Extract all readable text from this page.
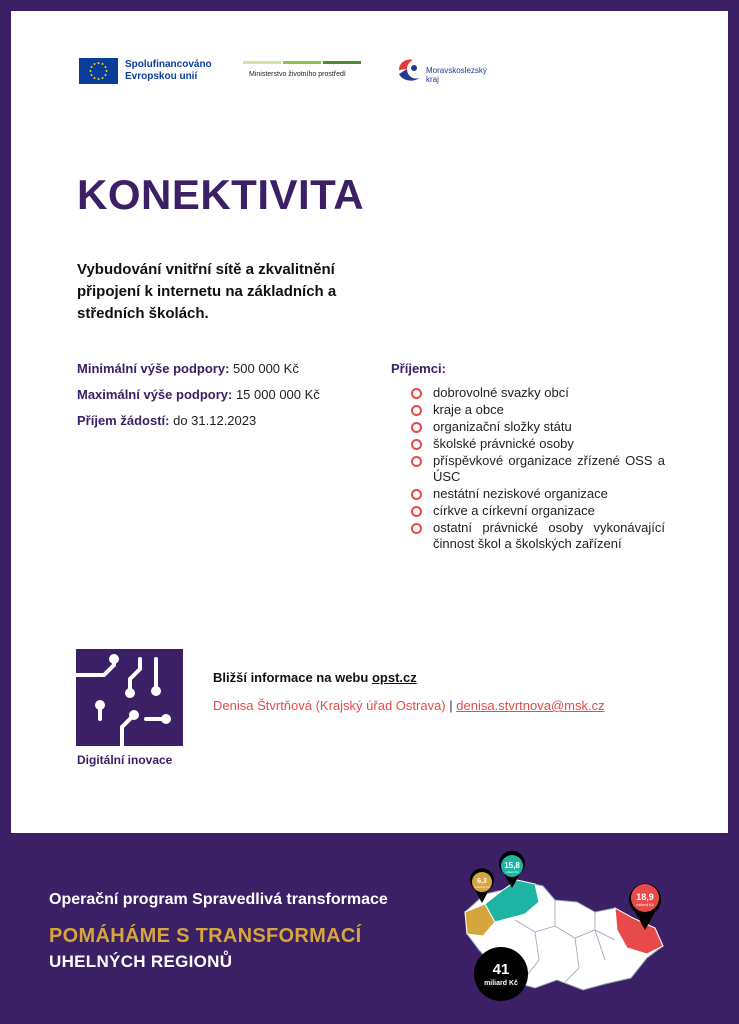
Spolufinancováno
Evropskou unií	Ministerstvo životního prostředí	Moravskoslezský
kraj
KONEKTIVITA

Vybudování vnitřní sítě a zkvalitnění připojení k internetu na základních a středních školách.

Minimální výše podpory: 500 000 Kč
Maximální výše podpory: 15 000 000 Kč
Příjem žádostí: do 31.12.2023
Příjemci:
dobrovolné svazky obcí
kraje a obce
organizační složky státu
školské právnické osoby
příspěvkové organizace zřízené OSS a ÚSC
nestátní neziskové organizace
církve a církevní organizace
ostatní právnické osoby vykonávající činnost škol a školských zařízení
Digitální inovace
Bližší informace na webu opst.cz
Denisa Štvrtňová (Krajský úřad Ostrava) | denisa.stvrtnova@msk.cz
Operační program Spravedlivá transformace
POMÁHÁME S TRANSFORMACÍ
UHELNÝCH REGIONŮ
6,3
miliardy Kč
15,8
miliard Kč
18,9
miliard Kč
41
miliard Kč
